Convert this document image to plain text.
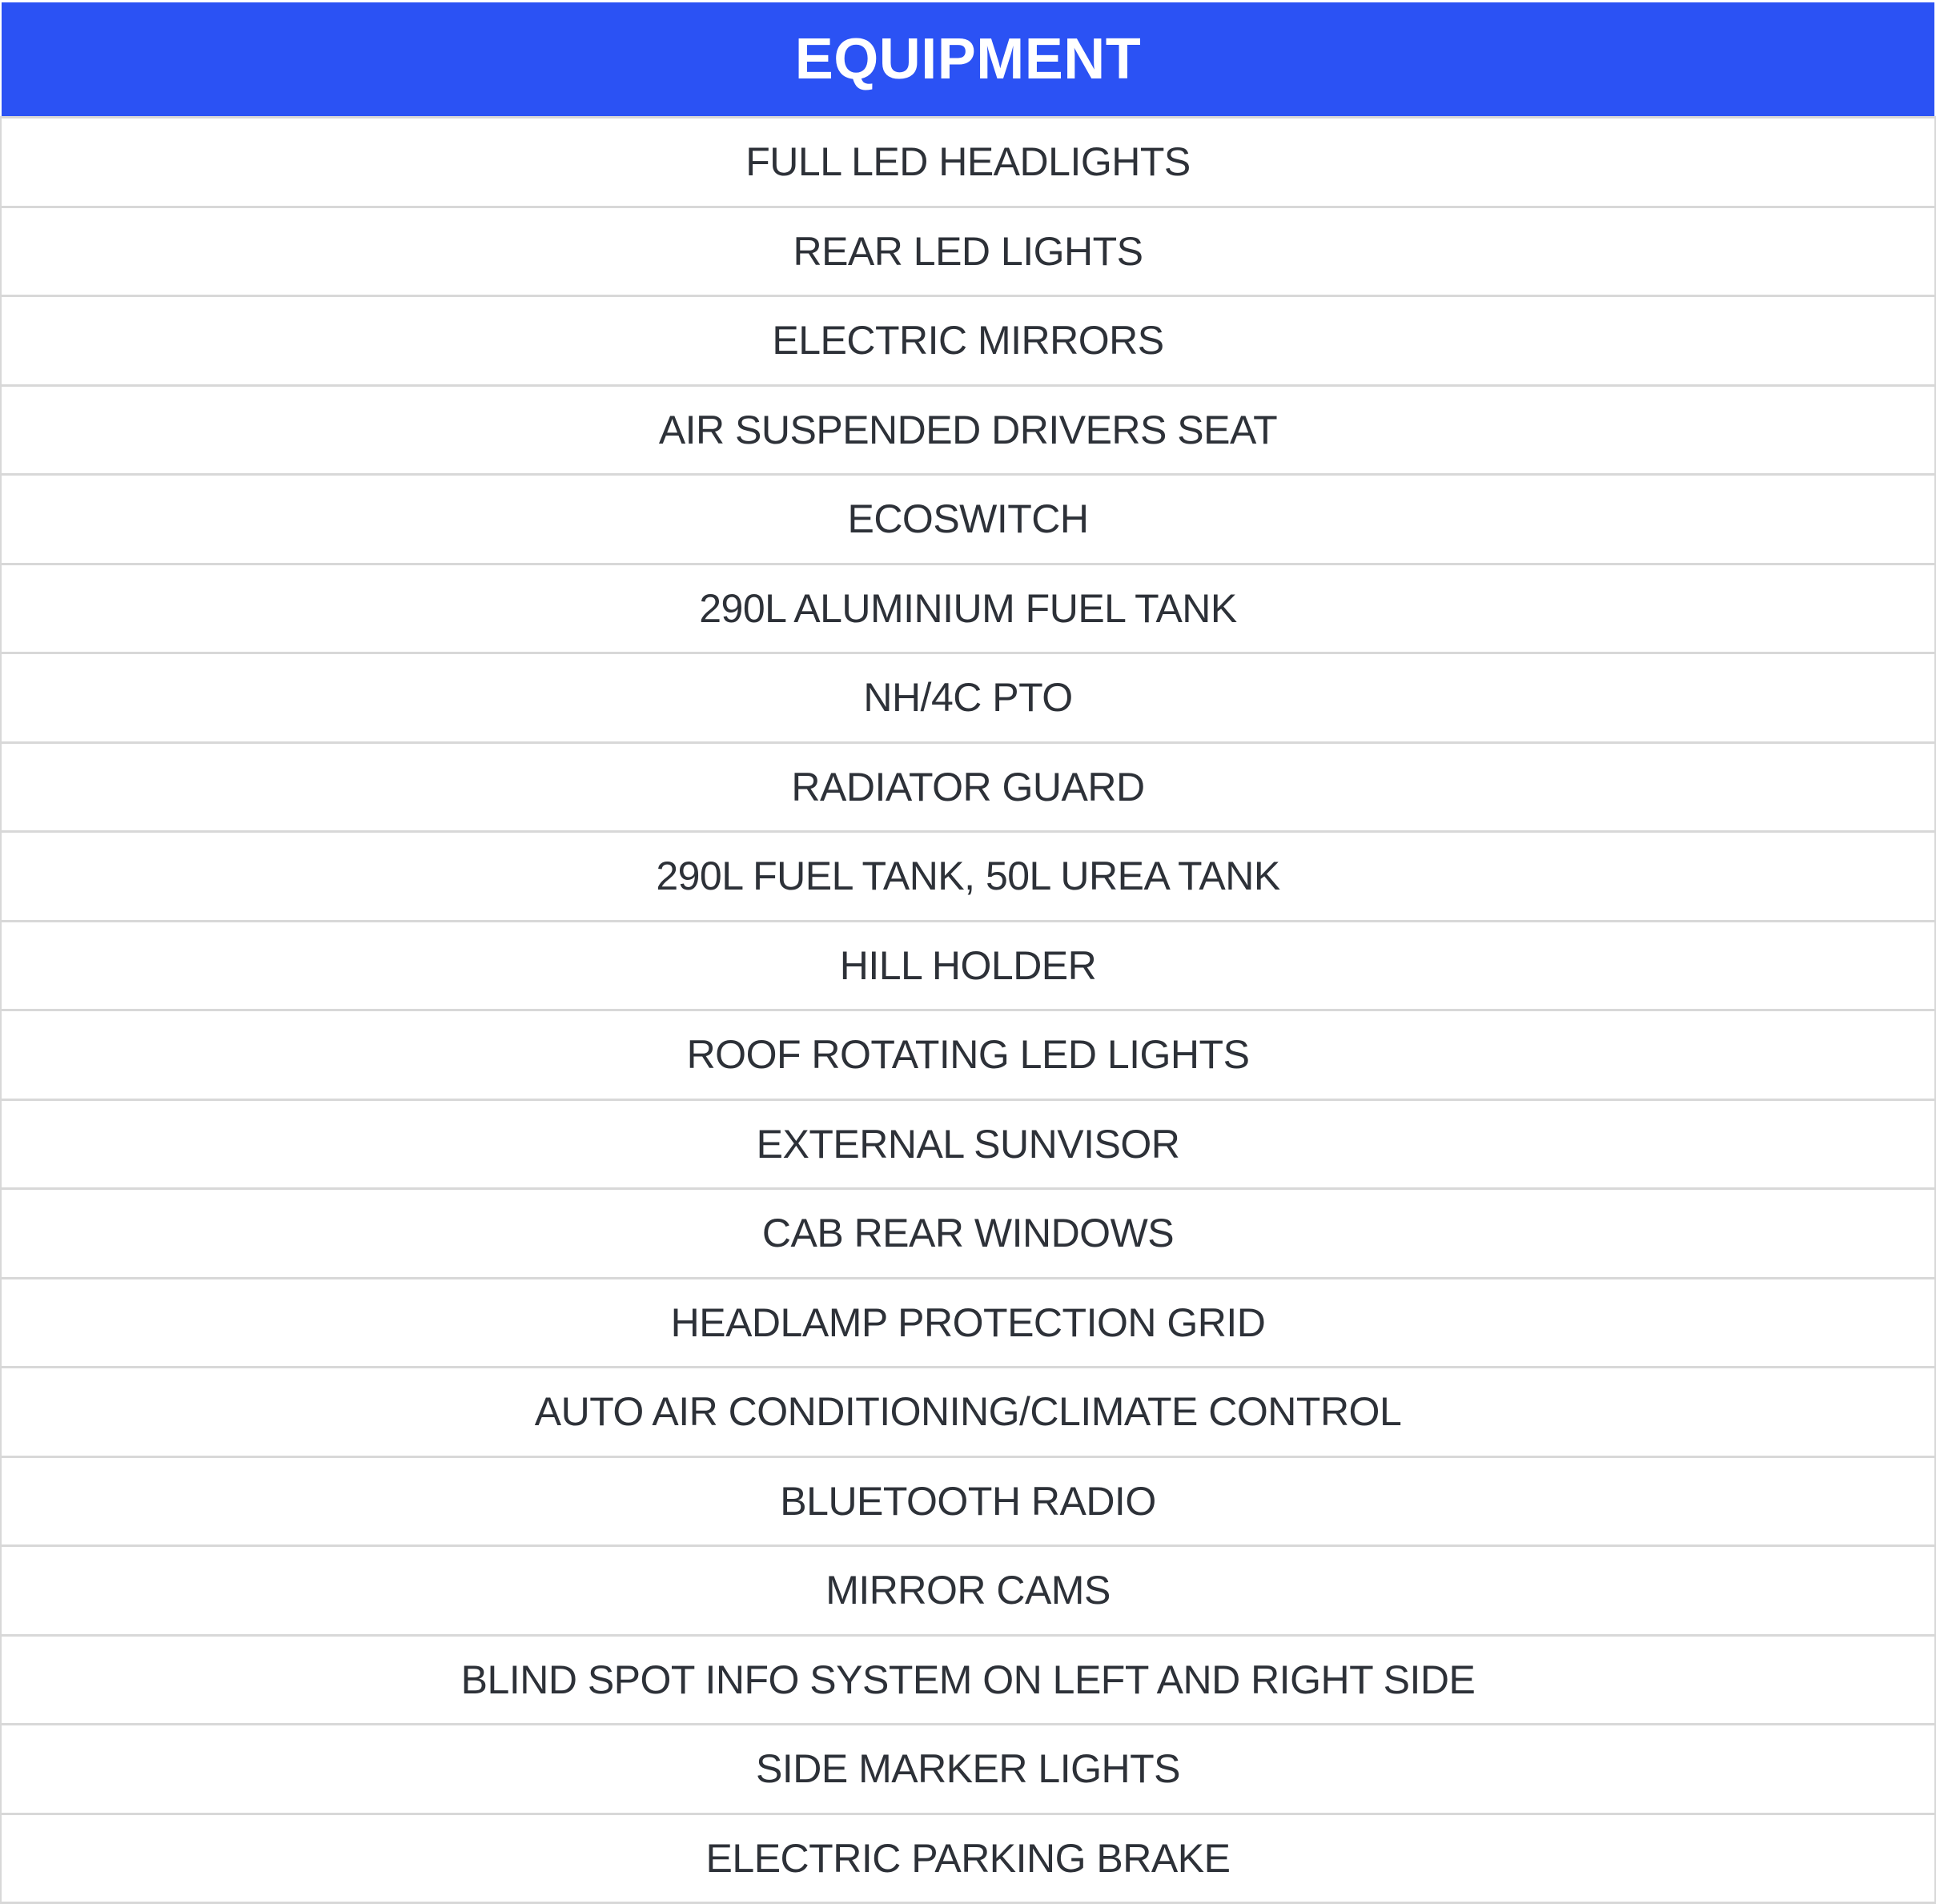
EQUIPMENT
FULL LED HEADLIGHTS
REAR LED LIGHTS
ELECTRIC MIRRORS
AIR SUSPENDED DRIVERS SEAT
ECOSWITCH
290L ALUMINIUM FUEL TANK
NH/4C PTO
RADIATOR GUARD
290L FUEL TANK, 50L UREA TANK
HILL HOLDER
ROOF ROTATING LED LIGHTS
EXTERNAL SUNVISOR
CAB REAR WINDOWS
HEADLAMP PROTECTION GRID
AUTO AIR CONDITIONING/CLIMATE CONTROL
BLUETOOTH RADIO
MIRROR CAMS
BLIND SPOT INFO SYSTEM ON LEFT AND RIGHT SIDE
SIDE MARKER LIGHTS
ELECTRIC PARKING BRAKE
